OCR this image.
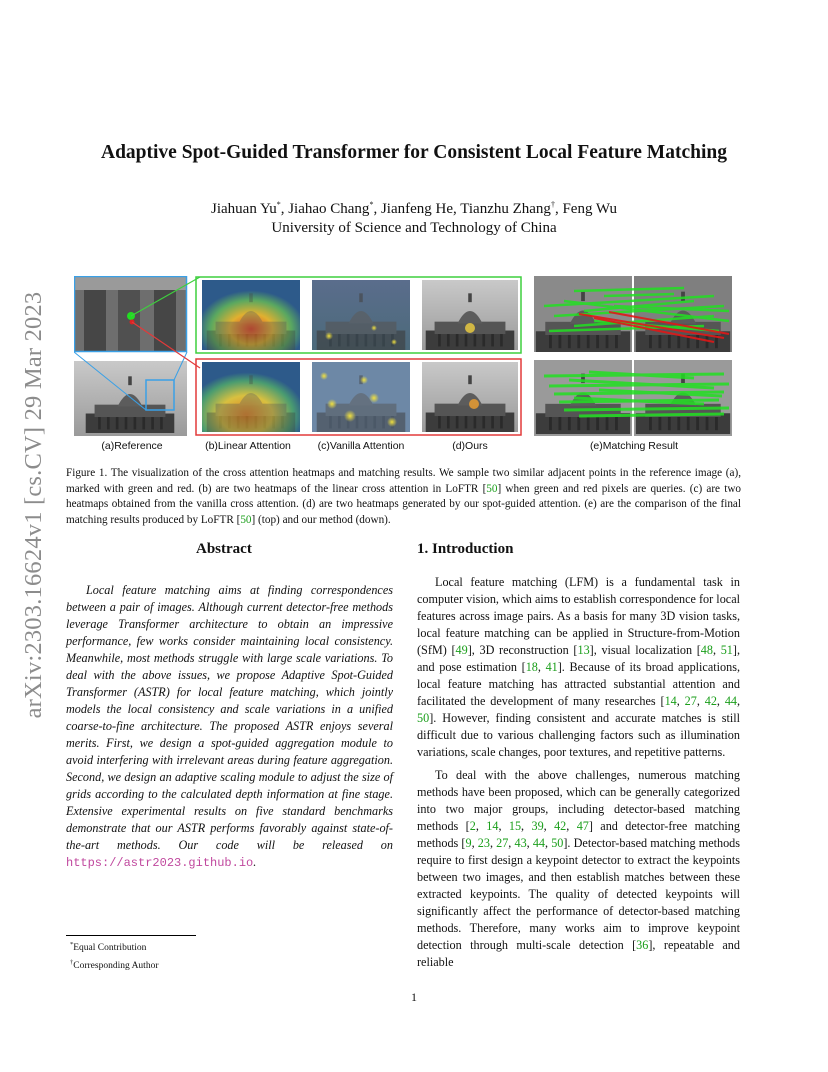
arXiv:2303.16624v1 [cs.CV] 29 Mar 2023
Adaptive Spot-Guided Transformer for Consistent Local Feature Matching
Jiahuan Yu*, Jiahao Chang*, Jianfeng He, Tianzhu Zhang†, Feng Wu
University of Science and Technology of China
(a)Reference	(b)Linear Attention	(c)Vanilla Attention	(d)Ours	(e)Matching Result
Figure 1. The visualization of the cross attention heatmaps and matching results. We sample two similar adjacent points in the reference image (a), marked with green and red. (b) are two heatmaps of the linear cross attention in LoFTR [50] when green and red pixels are queries. (c) are two heatmaps obtained from the vanilla cross attention. (d) are two heatmaps generated by our spot-guided attention. (e) are the comparison of the final matching results produced by LoFTR [50] (top) and our method (down).
Abstract
Local feature matching aims at finding correspondences between a pair of images. Although current detector-free methods leverage Transformer architecture to obtain an impressive performance, few works consider maintaining local consistency. Meanwhile, most methods struggle with large scale variations. To deal with the above issues, we propose Adaptive Spot-Guided Transformer (ASTR) for local feature matching, which jointly models the local consistency and scale variations in a unified coarse-to-fine architecture. The proposed ASTR enjoys several merits. First, we design a spot-guided aggregation module to avoid interfering with irrelevant areas during feature aggregation. Second, we design an adaptive scaling module to adjust the size of grids according to the calculated depth information at fine stage. Extensive experimental results on five standard benchmarks demonstrate that our ASTR performs favorably against state-of-the-art methods. Our code will be released on https://astr2023.github.io.
1. Introduction

Local feature matching (LFM) is a fundamental task in computer vision, which aims to establish correspondence for local features across image pairs. As a basis for many 3D vision tasks, local feature matching can be applied in Structure-from-Motion (SfM) [49], 3D reconstruction [13], visual localization [48, 51], and pose estimation [18, 41]. Because of its broad applications, local feature matching has attracted substantial attention and facilitated the development of many researches [14, 27, 42, 44, 50]. However, finding consistent and accurate matches is still difficult due to various challenging factors such as illumination variations, scale changes, poor textures, and repetitive patterns.

To deal with the above challenges, numerous matching methods have been proposed, which can be generally categorized into two major groups, including detector-based matching methods [2, 14, 15, 39, 42, 47] and detector-free matching methods [9, 23, 27, 43, 44, 50]. Detector-based matching methods require to first design a keypoint detector to extract the keypoints between two images, and then establish matches between these extracted keypoints. The quality of detected keypoints will significantly affect the performance of detector-based matching methods. Therefore, many works aim to improve keypoint detection through multi-scale detection [36], repeatable and reliable

*Equal Contribution
†Corresponding Author
1
